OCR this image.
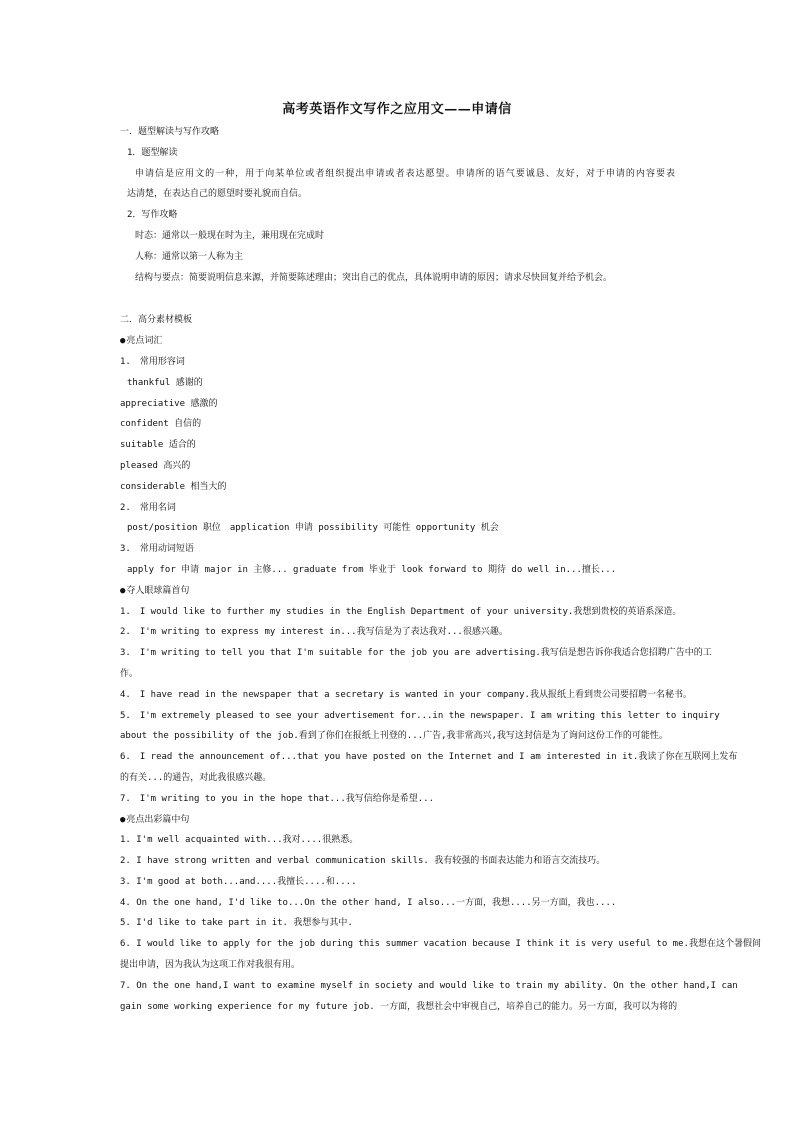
高考英语作文写作之应用文——申请信
一．题型解读与写作攻略
1．题型解读
申请信是应用文的一种，用于向某单位或者组织提出申请或者表达愿望。申请所的语气要诚恳、友好，对于申请的内容要表
达清楚，在表达自己的愿望时要礼貌而自信。
2．写作攻略
时态：通常以一般现在时为主，兼用现在完成时
人称：通常以第一人称为主
结构与要点：简要说明信息来源，并简要陈述理由；突出自己的优点，具体说明申请的原因；请求尽快回复并给予机会。
二．高分素材模板
● 亮点词汇
1.　常用形容词
thankful 感谢的
appreciative 感激的
confident 自信的
suitable 适合的
pleased 高兴的
considerable 相当大的
2.　常用名词
post/position 职位　application 申请 possibility 可能性 opportunity 机会
3.　常用动词短语
apply for 申请 major in 主修... graduate from 毕业于 look forward to 期待 do well in...擅长...
● 夺人眼球篇首句
1.　I would like to further my studies in the English Department of your university.我想到贵校的英语系深造。
2.　I'm writing to express my interest in...我写信是为了表达我对...很感兴趣。
3.　I'm writing to tell you that I'm suitable for the job you are advertising.我写信是想告诉你我适合您招聘广告中的工
作。
4.　I have read in the newspaper that a secretary is wanted in your company.我从报纸上看到贵公司要招聘一名秘书。
5.　I'm extremely pleased to see your advertisement for...in the newspaper. I am writing this letter to inquiry
about the possibility of the job.看到了你们在报纸上刊登的...广告,我非常高兴,我写这封信是为了询问这份工作的可能性。
6.　I read the announcement of...that you have posted on the Internet and I am interested in it.我读了你在互联网上发布
的有关...的通告，对此我很感兴趣。
7.　I'm writing to you in the hope that...我写信给你是希望...
● 亮点出彩篇中句
1. I'm well acquainted with...我对....很熟悉。
2. I have strong written and verbal communication skills. 我有较强的书面表达能力和语言交流技巧。
3. I'm good at both...and....我擅长....和....
4. On the one hand, I'd like to...On the other hand, I also...一方面，我想....另一方面，我也....
5. I'd like to take part in it. 我想参与其中.
6. I would like to apply for the job during this summer vacation because I think it is very useful to me.我想在这个暑假间
提出申请，因为我认为这项工作对我很有用。
7. On the one hand,I want to examine myself in society and would like to train my ability. On the other hand,I can
gain some working experience for my future job. 一方面，我想社会中审视自己，培养自己的能力。另一方面，我可以为将的
